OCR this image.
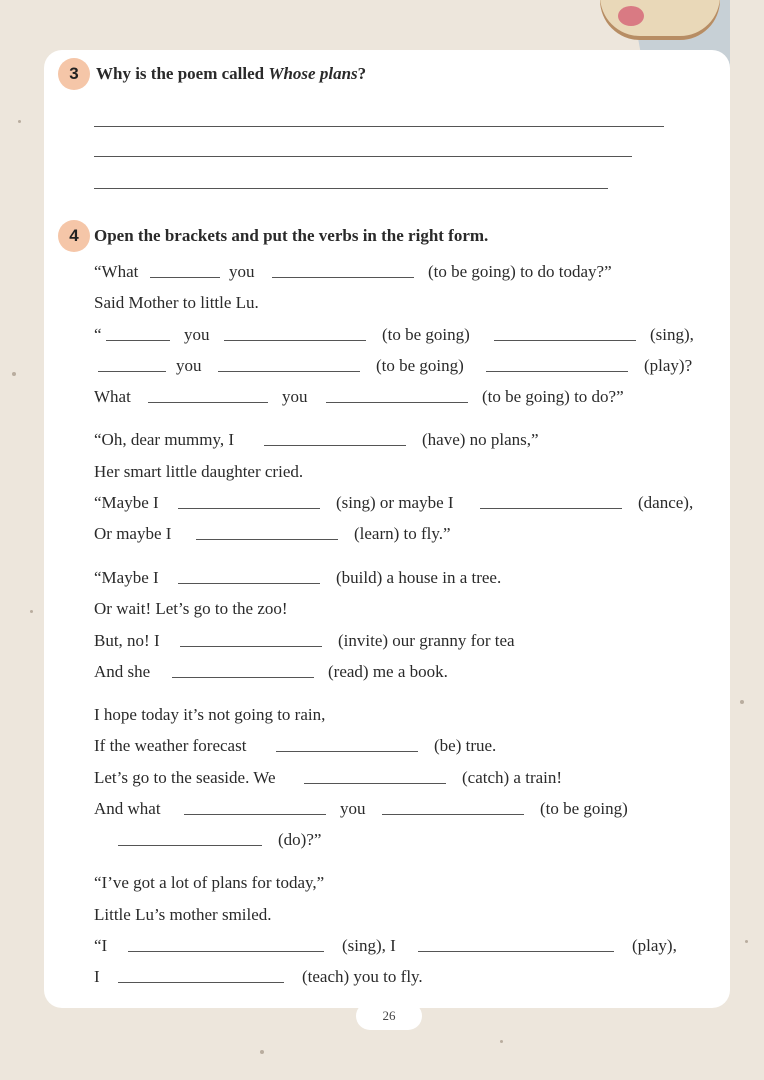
3	Why is the poem called Whose plans?
4 Open the brackets and put the verbs in the right form.
“What	you	(to be going) to do today?”
Said Mother to little Lu.
“	you	(to be going)	(sing),
you	(to be going)	(play)?
What	you	(to be going) to do?”
“Oh, dear mummy, I	(have) no plans,”
Her smart little daughter cried.
“Maybe I	(sing) or maybe I	(dance),
Or maybe I	(learn) to fly.”
“Maybe I	(build) a house in a tree.
Or wait! Let’s go to the zoo!
But, no! I	(invite) our granny for tea
And she	(read) me a book.
I hope today it’s not going to rain,
If the weather forecast	(be) true.
Let’s go to the seaside. We	(catch) a train!
And what	you	(to be going)
(do)?”
“I’ve got a lot of plans for today,”
Little Lu’s mother smiled.
“I	(sing), I	(play),
I	(teach) you to fly.
26
